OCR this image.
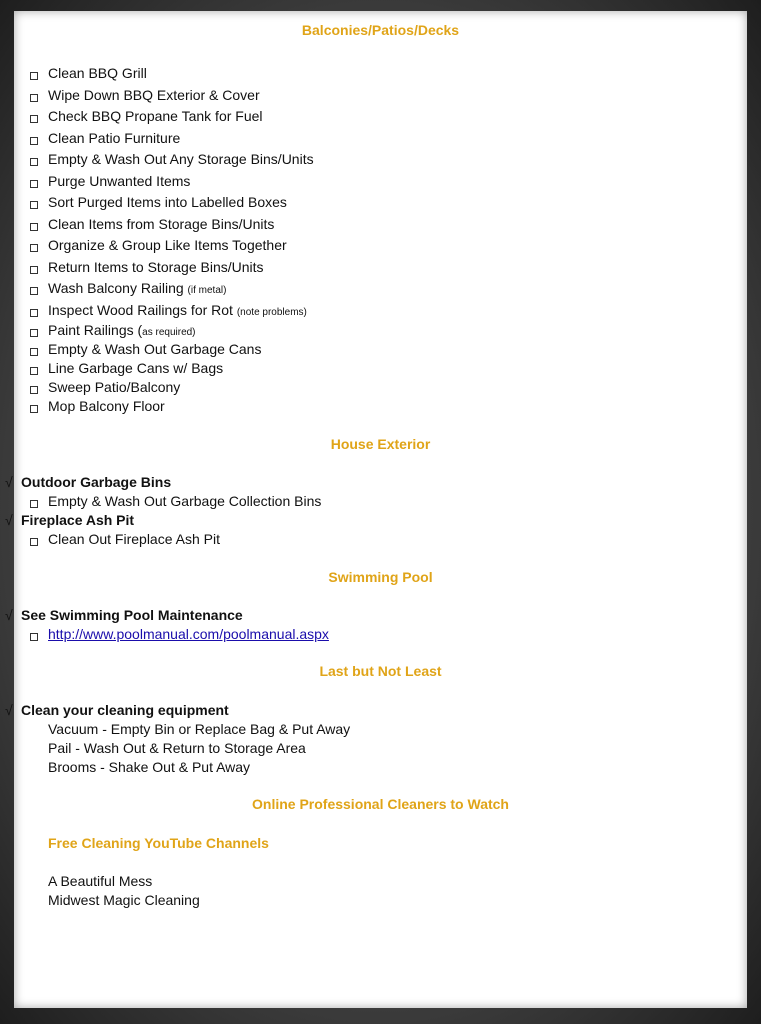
Balconies/Patios/Decks
Clean BBQ Grill
Wipe Down BBQ Exterior & Cover
Check BBQ Propane Tank for Fuel
Clean Patio Furniture
Empty & Wash Out Any Storage Bins/Units
Purge Unwanted Items
Sort Purged Items into Labelled Boxes
Clean Items from Storage Bins/Units
Organize & Group Like Items Together
Return Items to Storage Bins/Units
Wash Balcony Railing (if metal)
Inspect Wood Railings for Rot (note problems)
Paint Railings (as required)
Empty & Wash Out Garbage Cans
Line Garbage Cans w/ Bags
Sweep Patio/Balcony
Mop Balcony Floor
House Exterior
√ Outdoor Garbage Bins
Empty & Wash Out Garbage Collection Bins
√ Fireplace Ash Pit
Clean Out Fireplace Ash Pit
Swimming Pool
√ See Swimming Pool Maintenance
http://www.poolmanual.com/poolmanual.aspx
Last but Not Least
√ Clean your cleaning equipment
Vacuum - Empty Bin or Replace Bag & Put Away
Pail - Wash Out & Return to Storage Area
Brooms - Shake Out & Put Away
Online Professional Cleaners to Watch
Free Cleaning YouTube Channels
A Beautiful Mess
Midwest Magic Cleaning
